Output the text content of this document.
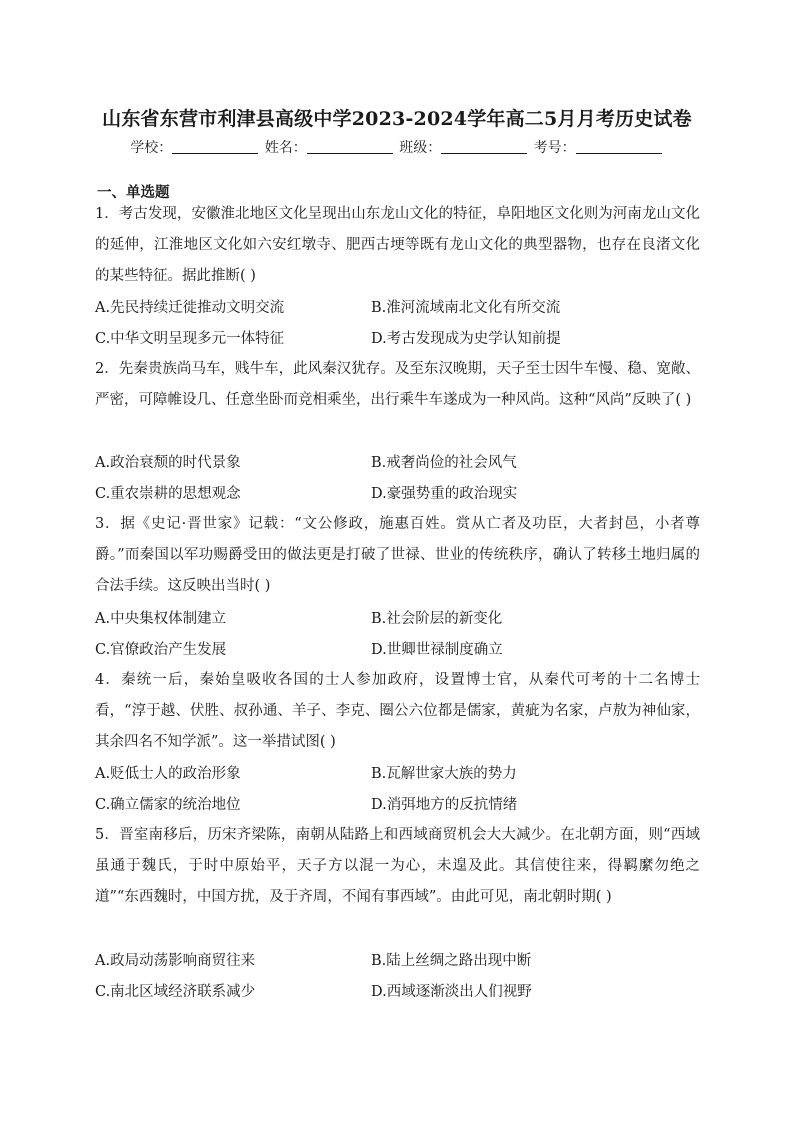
山东省东营市利津县高级中学2023-2024学年高二5月月考历史试卷
学校：	姓名：	班级：	考号：
一、单选题
1．考古发现，安徽淮北地区文化呈现出山东龙山文化的特征，阜阳地区文化则为河南龙山文化的延伸，江淮地区文化如六安红墩寺、肥西古埂等既有龙山文化的典型器物，也存在良渚文化的某些特征。据此推断( )
A.先民持续迁徙推动文明交流	B.淮河流域南北文化有所交流
C.中华文明呈现多元一体特征	D.考古发现成为史学认知前提
2．先秦贵族尚马车，贱牛车，此风秦汉犹存。及至东汉晚期，天子至士因牛车慢、稳、宽敞、严密，可障帷设几、任意坐卧而竞相乘坐，出行乘牛车遂成为一种风尚。这种“风尚”反映了( )
A.政治衰颓的时代景象	B.戒奢尚俭的社会风气
C.重农崇耕的思想观念	D.豪强势重的政治现实
3．据《史记·晋世家》记载：“文公修政，施惠百姓。赏从亡者及功臣，大者封邑，小者尊爵。”而秦国以军功赐爵受田的做法更是打破了世禄、世业的传统秩序，确认了转移土地归属的合法手续。这反映出当时( )
A.中央集权体制建立	B.社会阶层的新变化
C.官僚政治产生发展	D.世卿世禄制度确立
4．秦统一后，秦始皇吸收各国的士人参加政府，设置博士官，从秦代可考的十二名博士看，“淳于越、伏胜、叔孙通、羊子、李克、圈公六位都是儒家，黄疵为名家，卢敖为神仙家，其余四名不知学派”。这一举措试图( )
A.贬低士人的政治形象	B.瓦解世家大族的势力
C.确立儒家的统治地位	D.消弭地方的反抗情绪
5．晋室南移后，历宋齐梁陈，南朝从陆路上和西域商贸机会大大减少。在北朝方面，则“西域虽通于魏氏，于时中原始平，天子方以混一为心，未遑及此。其信使往来，得羁縻勿绝之道”“东西魏时，中国方扰，及于齐周，不闻有事西域”。由此可见，南北朝时期( )
A.政局动荡影响商贸往来	B.陆上丝绸之路出现中断
C.南北区域经济联系减少	D.西域逐渐淡出人们视野
